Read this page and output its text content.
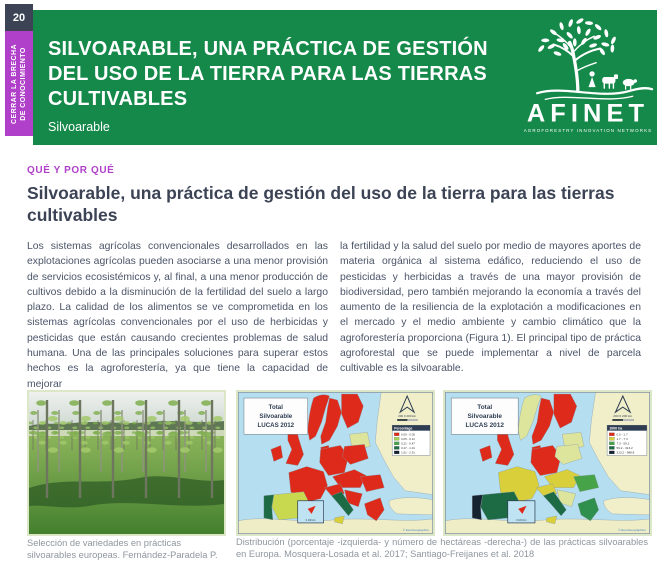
20
CERRAR LA BRECHA DE CONOCIMIENTO SILVOARABLE, UNA PRÁCTICA DE GESTIÓN DEL USO DE LA TIERRA PARA LAS TIERRAS CULTIVABLES
Silvoarable	AFINET
AGROFORESTRY INNOVATION NETWORKS
QUÉ Y POR QUÉ
Silvoarable, una práctica de gestión del uso de la tierra para las tierras cultivables
Los sistemas agrícolas convencionales desarrollados en las explotaciones agrícolas pueden asociarse a una menor provisión de servicios ecosistémicos y, al final, a una menor producción de cultivos debido a la disminución de la fertilidad del suelo a largo plazo. La calidad de los alimentos se ve comprometida en los sistemas agrícolas convencionales por el uso de herbicidas y pesticidas que están causando crecientes problemas de salud humana. Una de las principales soluciones para superar estos hechos es la agroforestería, ya que tiene la capacidad de mejorar
la fertilidad y la salud del suelo por medio de mayores aportes de materia orgánica al sistema edáfico, reduciendo el uso de pesticidas y herbicidas a través de una mayor provisión de biodiversidad, pero también mejorando la economía a través del aumento de la resiliencia de la explotación a modificaciones en el mercado y el medio ambiente y cambio climático que la agroforestería proporciona (Figura 1). El principal tipo de práctica agroforestal que se puede implementar a nivel de parcela cultivable es la silvoarable.
Total
Silvoarable
LUCAS 2012
200 0 200 km
Percentage
0.00 - 0.05
0.05 - 0.21
0.21 - 0.47
0.47 - 1.01
1.01 - 2.51
0 100 km
© EuroGeographics
Total
Silvoarable
LUCAS 2012
200 0 200 km
1000 ha
0.0 - 1.7
1.7 - 7.3
7.3 - 59.2
59.2 - 313.2
313.2 - 988.8
0 100 km
© EuroGeographics
Selección de variedades en prácticas silvoarables europeas. Fernández-Paradela P.
Distribución (porcentaje -izquierda- y número de hectáreas -derecha-) de las prácticas silvoarables en Europa. Mosquera-Losada et al. 2017; Santiago-Freijanes et al. 2018
